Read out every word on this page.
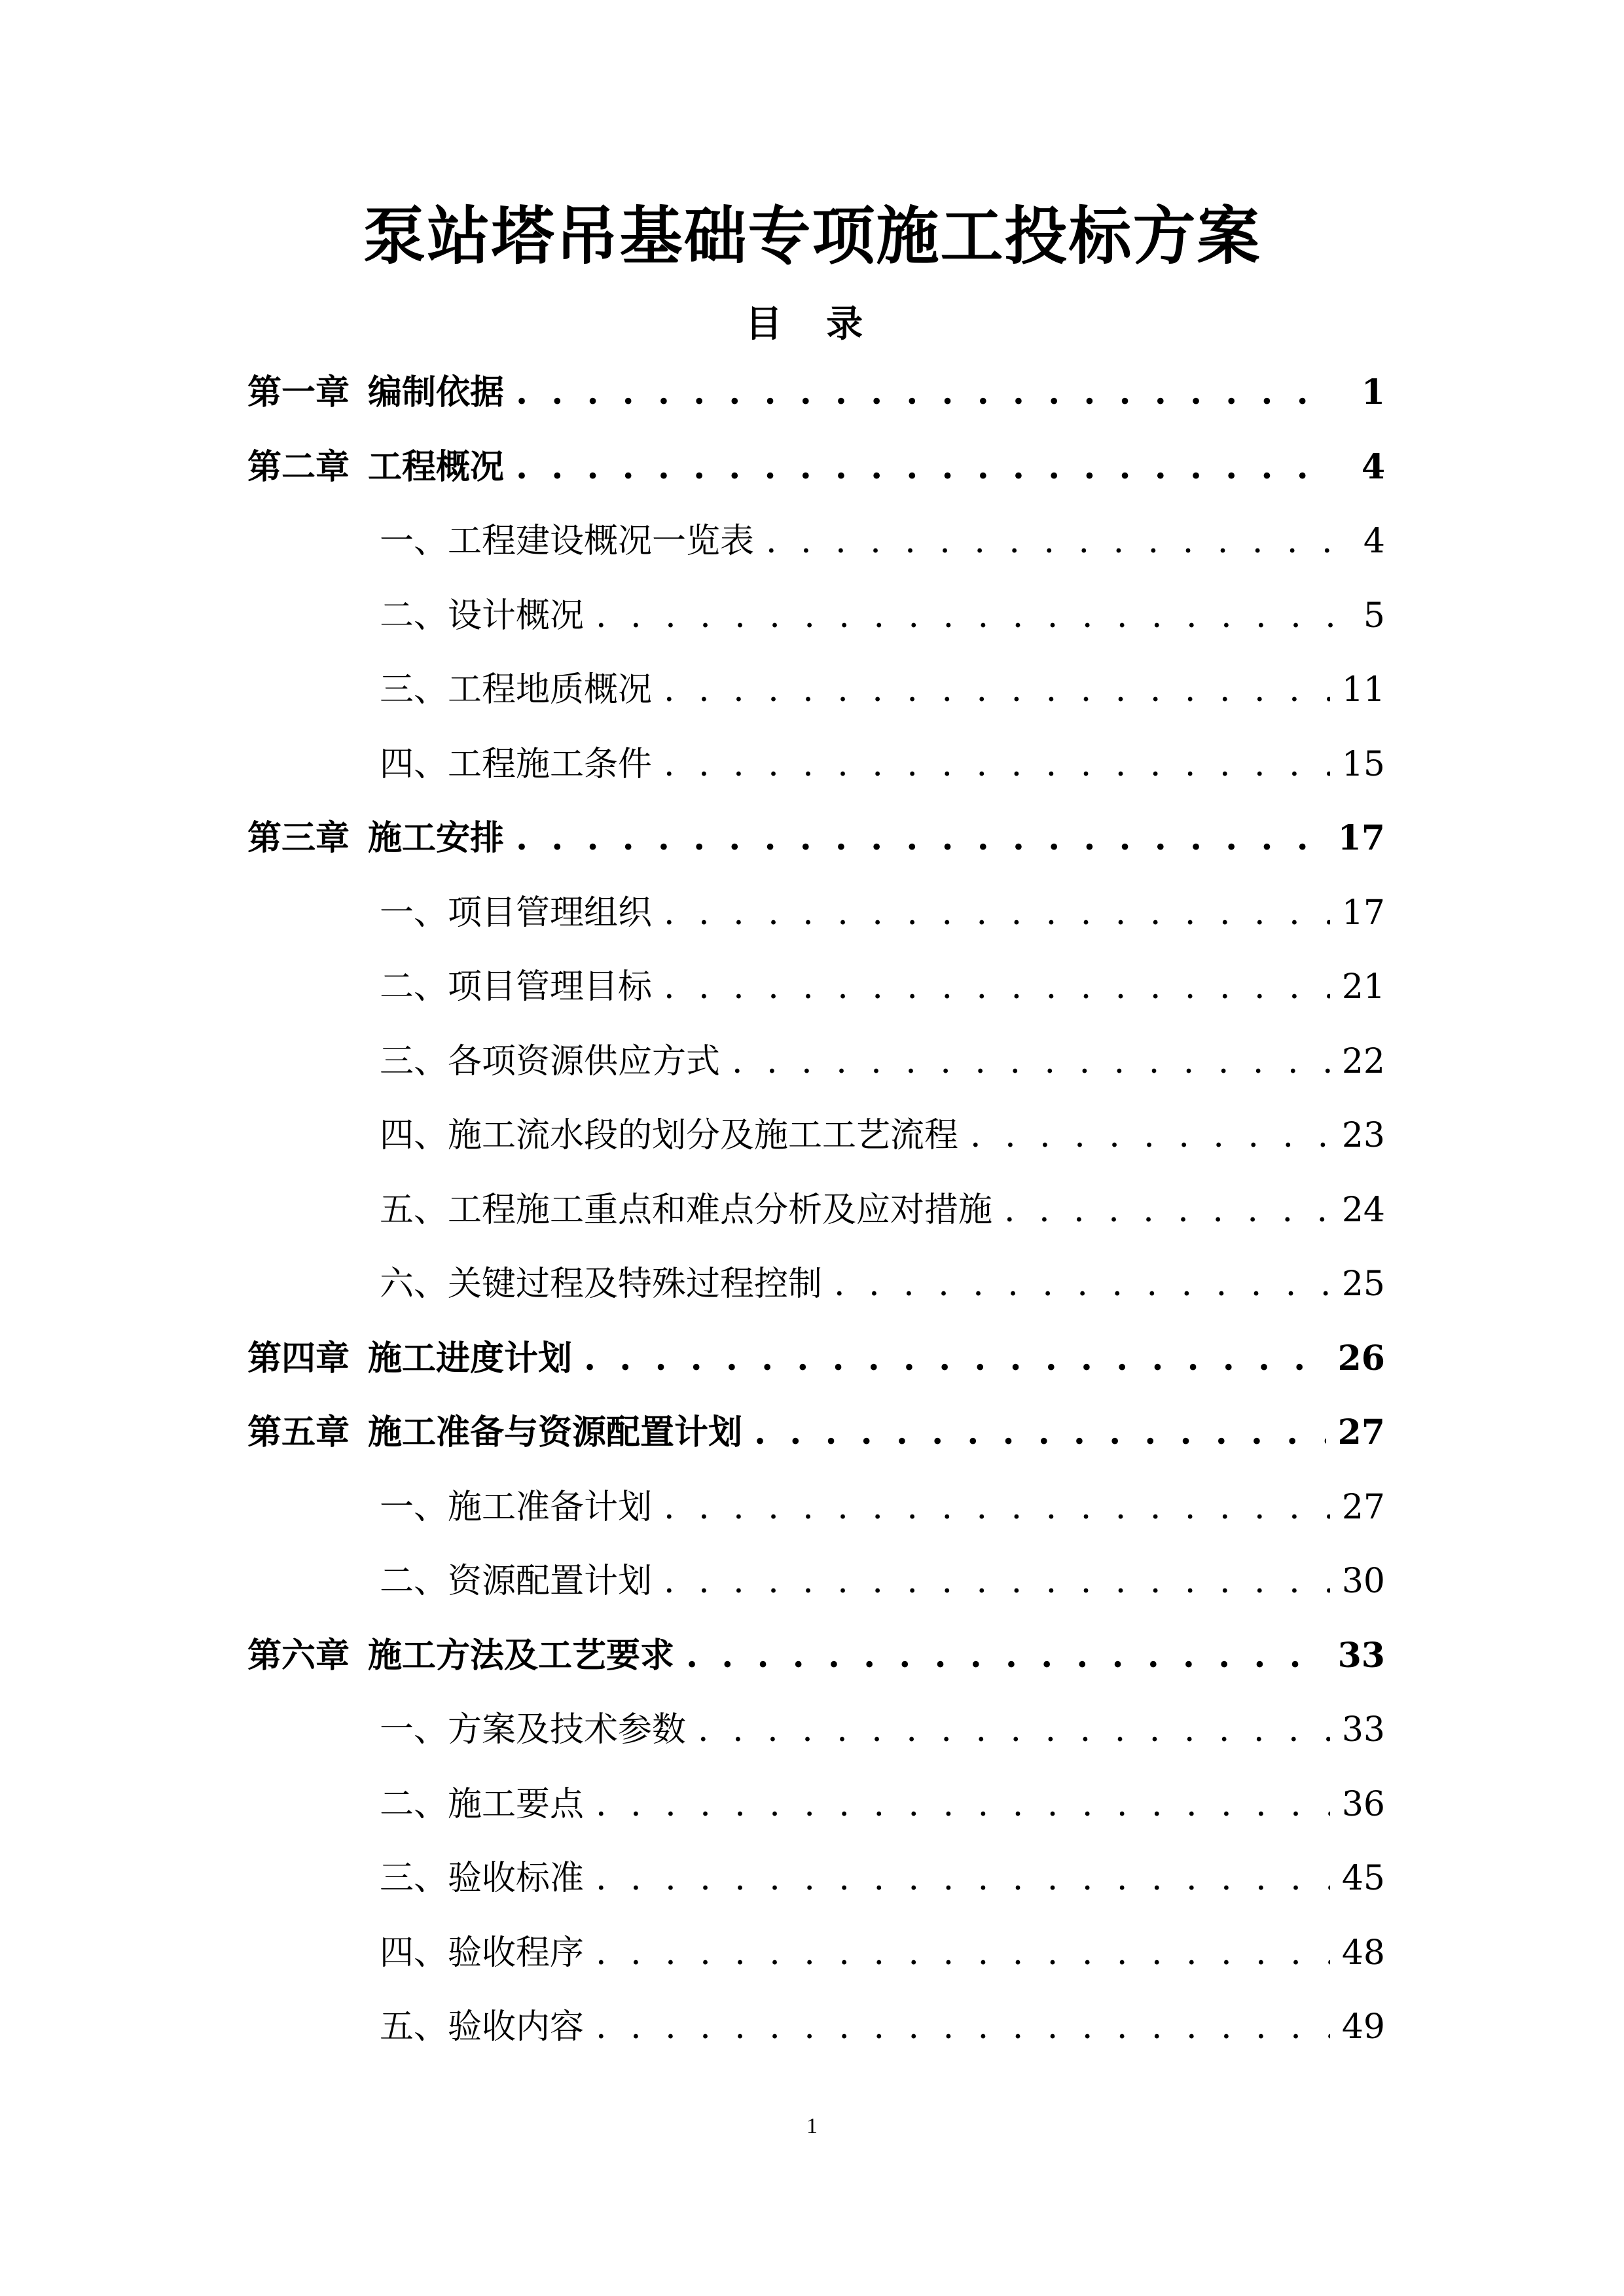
泵站塔吊基础专项施工投标方案
目 录
第一章 编制依据 . . .	1
第二章 工程概况 . . .	4
一、工程建设概况一览表 . . .	4
二、设计概况 . . .	5
三、工程地质概况 . . .	11
四、工程施工条件 . . .	15
第三章 施工安排 . . .	17
一、项目管理组织 . . .	17
二、项目管理目标 . . .	21
三、各项资源供应方式 . . .	22
四、施工流水段的划分及施工工艺流程 . . .	23
五、工程施工重点和难点分析及应对措施 . . .	24
六、关键过程及特殊过程控制 . . .	25
第四章 施工进度计划 . . .	26
第五章 施工准备与资源配置计划 . . .	27
一、施工准备计划 . . .	27
二、资源配置计划 . . .	30
第六章 施工方法及工艺要求 . . .	33
一、方案及技术参数 . . .	33
二、施工要点 . . .	36
三、验收标准 . . .	45
四、验收程序 . . .	48
五、验收内容 . . .	49
1
